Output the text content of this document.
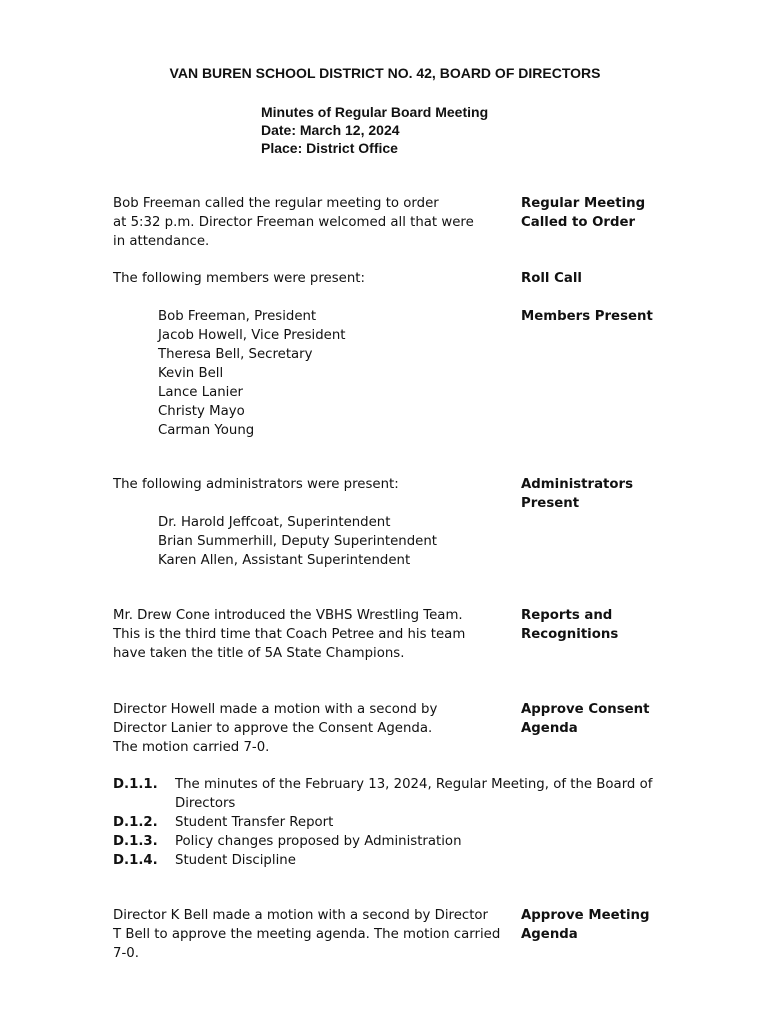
VAN BUREN SCHOOL DISTRICT NO. 42, BOARD OF DIRECTORS
Minutes of Regular Board Meeting
Date: March 12, 2024
Place: District Office
Bob Freeman called the regular meeting to order
at 5:32 p.m. Director Freeman welcomed all that were
in attendance.
Regular Meeting
Called to Order
The following members were present:	Roll Call
Bob Freeman, President
Jacob Howell, Vice President
Theresa Bell, Secretary
Kevin Bell
Lance Lanier
Christy Mayo
Carman Young
Members Present
The following administrators were present:	Administrators
Present
Dr. Harold Jeffcoat, Superintendent
Brian Summerhill, Deputy Superintendent
Karen Allen, Assistant Superintendent
Mr. Drew Cone introduced the VBHS Wrestling Team.
This is the third time that Coach Petree and his team
have taken the title of 5A State Champions.
Reports and
Recognitions
Director Howell made a motion with a second by
Director Lanier to approve the Consent Agenda.
The motion carried 7-0.
Approve Consent
Agenda
D.1.1.	The minutes of the February 13, 2024, Regular Meeting, of the Board of Directors
D.1.2.	Student Transfer Report
D.1.3.	Policy changes proposed by Administration
D.1.4.	Student Discipline
Director K Bell made a motion with a second by Director
T Bell to approve the meeting agenda. The motion carried
7-0.
Approve Meeting
Agenda
